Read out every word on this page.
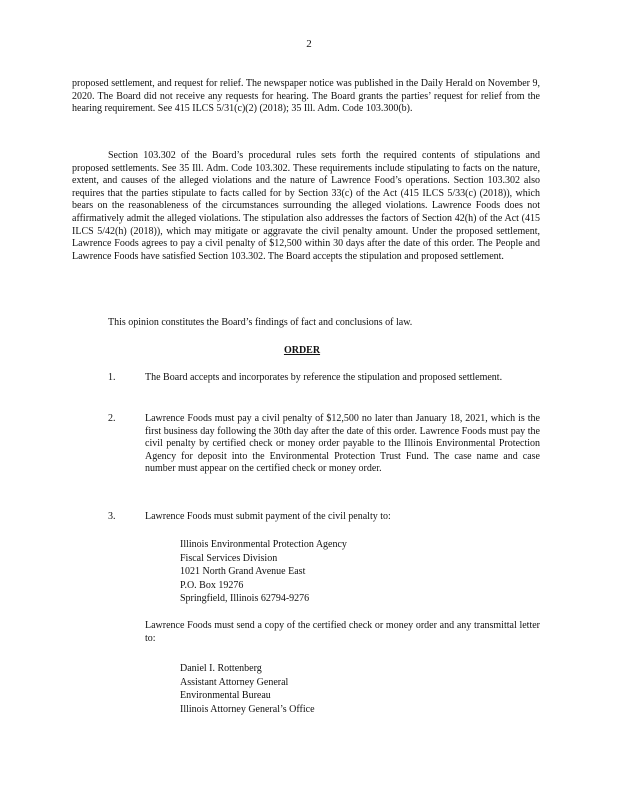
2

proposed settlement, and request for relief. The newspaper notice was published in the Daily Herald on November 9, 2020. The Board did not receive any requests for hearing. The Board grants the parties’ request for relief from the hearing requirement. See 415 ILCS 5/31(c)(2) (2018); 35 Ill. Adm. Code 103.300(b).

Section 103.302 of the Board’s procedural rules sets forth the required contents of stipulations and proposed settlements. See 35 Ill. Adm. Code 103.302. These requirements include stipulating to facts on the nature, extent, and causes of the alleged violations and the nature of Lawrence Food’s operations. Section 103.302 also requires that the parties stipulate to facts called for by Section 33(c) of the Act (415 ILCS 5/33(c) (2018)), which bears on the reasonableness of the circumstances surrounding the alleged violations. Lawrence Foods does not affirmatively admit the alleged violations. The stipulation also addresses the factors of Section 42(h) of the Act (415 ILCS 5/42(h) (2018)), which may mitigate or aggravate the civil penalty amount. Under the proposed settlement, Lawrence Foods agrees to pay a civil penalty of $12,500 within 30 days after the date of this order. The People and Lawrence Foods have satisfied Section 103.302. The Board accepts the stipulation and proposed settlement.

This opinion constitutes the Board’s findings of fact and conclusions of law.

ORDER
1.	The Board accepts and incorporates by reference the stipulation and proposed settlement.

2.	Lawrence Foods must pay a civil penalty of $12,500 no later than January 18, 2021, which is the first business day following the 30th day after the date of this order. Lawrence Foods must pay the civil penalty by certified check or money order payable to the Illinois Environmental Protection Agency for deposit into the Environmental Protection Trust Fund. The case name and case number must appear on the certified check or money order.

3.	Lawrence Foods must submit payment of the civil penalty to:

Illinois Environmental Protection Agency
Fiscal Services Division
1021 North Grand Avenue East
P.O. Box 19276
Springfield, Illinois 62794-9276

Lawrence Foods must send a copy of the certified check or money order and any transmittal letter to:

Daniel I. Rottenberg
Assistant Attorney General
Environmental Bureau
Illinois Attorney General’s Office
